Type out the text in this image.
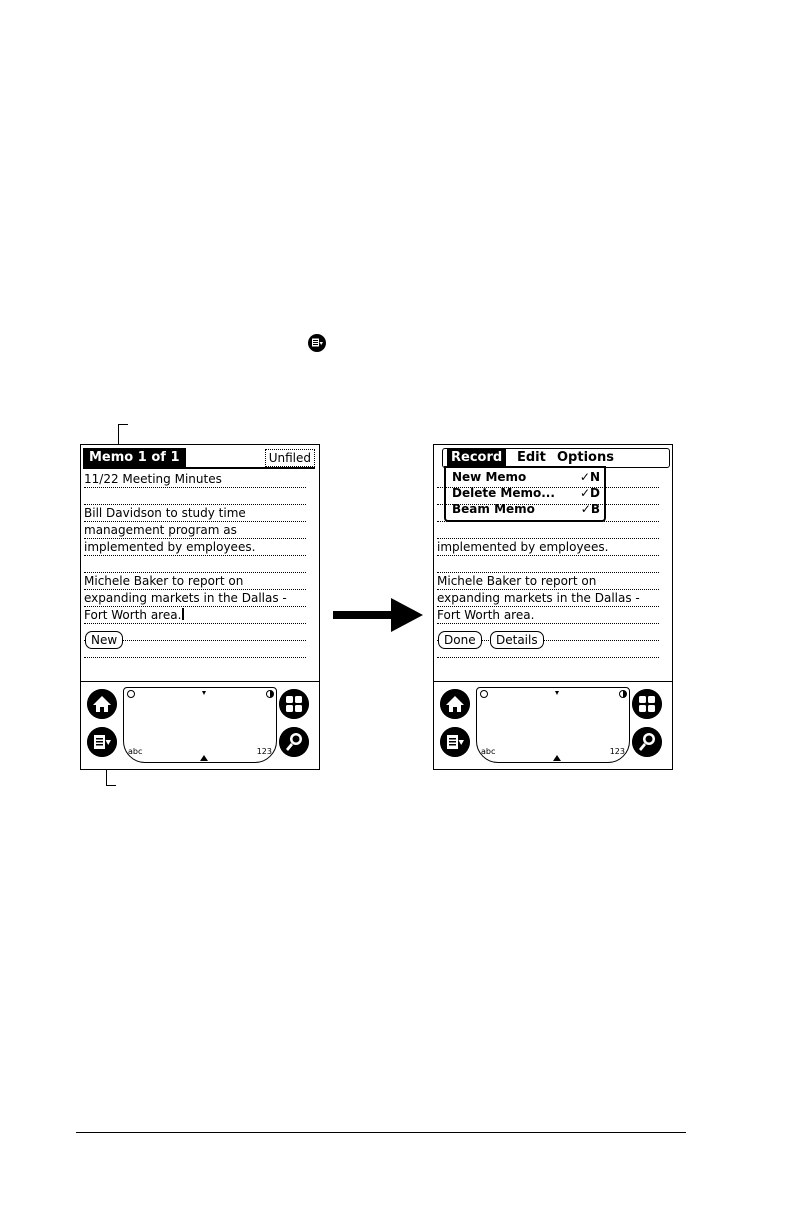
Memo 1 of 1	Unfiled
11/22 Meeting Minutes
Bill Davidson to study time
management program as
implemented by employees.
Michele Baker to report on
expanding markets in the Dallas -
Fort Worth area.
New
abc	123
Record	Edit Options
New Memo	✓N
Delete Memo... ✓D
Beam Memo	✓B
implemented by employees.
Michele Baker to report on
expanding markets in the Dallas -
Fort Worth area.
Done	Details
abc	123
